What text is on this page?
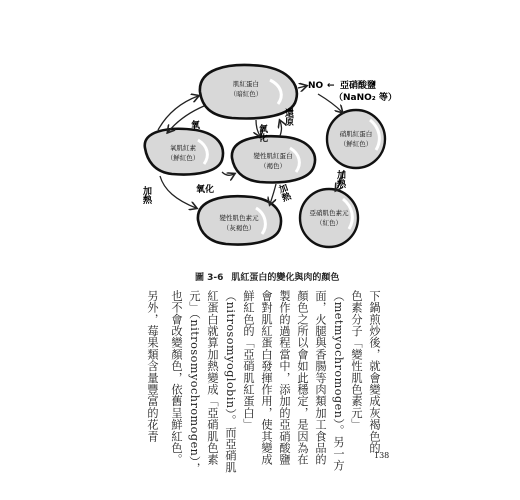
肌紅蛋白
（暗紅色）
氧肌紅素
（鮮紅色）	變性肌紅蛋白
（褐色）
硝肌紅蛋白
（鮮紅色）
亞硝肌色素元
（紅色）
變性肌色素元
（灰褐色）
氧	氧化
還原
加熱	氧化	加熱
加熱
NO ← 亞硝酸鹽
（NaNO₂ 等）
圖 3-6 肌紅蛋白的變化與肉的顏色
下鍋煎炒後，就會變成灰褐色的
色素分子「變性肌色素元」
（metmyochromogen）。另一方
面，火腿與香腸等肉類加工食品的
顏色之所以會如此穩定，是因為在
製作的過程當中，添加的亞硝酸鹽
會對肌紅蛋白發揮作用，使其變成
鮮紅色的「亞硝肌紅蛋白」
（nitrosomyoglobin）。而亞硝肌
紅蛋白就算加熱變成「亞硝肌色素
元」（nitrosomyochromogen），
也不會改變顏色，依舊呈鮮紅色。
另外，莓果類含量豐富的花青
138
